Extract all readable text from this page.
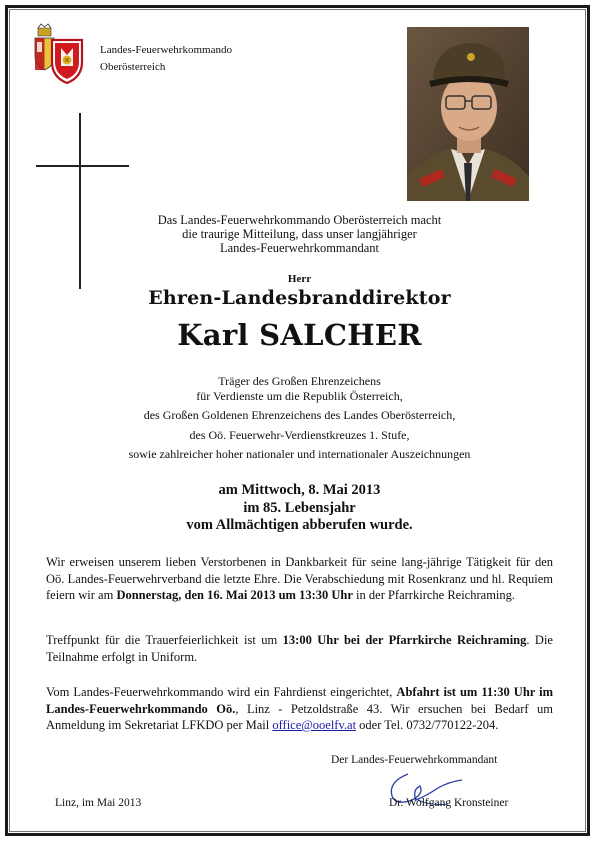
Landes-Feuerwehrkommando
Oberösterreich
Das Landes-Feuerwehrkommando Oberösterreich macht
die traurige Mitteilung, dass unser langjähriger
Landes-Feuerwehrkommandant
Herr
Ehren-Landesbranddirektor
Karl SALCHER
Träger des Großen Ehrenzeichens
für Verdienste um die Republik Österreich,
des Großen Goldenen Ehrenzeichens des Landes Oberösterreich,
des Oö. Feuerwehr-Verdienstkreuzes 1. Stufe,
sowie zahlreicher hoher nationaler und internationaler Auszeichnungen
am Mittwoch, 8. Mai 2013
im 85. Lebensjahr
vom Allmächtigen abberufen wurde.
Wir erweisen unserem lieben Verstorbenen in Dankbarkeit für seine lang-jährige Tätigkeit für den Oö. Landes-Feuerwehrverband die letzte Ehre. Die Verabschiedung mit Rosenkranz und hl. Requiem feiern wir am Donnerstag, den 16. Mai 2013 um 13:30 Uhr in der Pfarrkirche Reichraming.
Treffpunkt für die Trauerfeierlichkeit ist um 13:00 Uhr bei der Pfarrkirche Reichraming. Die Teilnahme erfolgt in Uniform.
Vom Landes-Feuerwehrkommando wird ein Fahrdienst eingerichtet, Abfahrt ist um 11:30 Uhr im Landes-Feuerwehrkommando Oö., Linz - Petzoldstraße 43. Wir ersuchen bei Bedarf um Anmeldung im Sekretariat LFKDO per Mail office@ooelfv.at oder Tel. 0732/770122-204.
Der Landes-Feuerwehrkommandant
Linz, im Mai 2013	Dr. Wolfgang Kronsteiner
